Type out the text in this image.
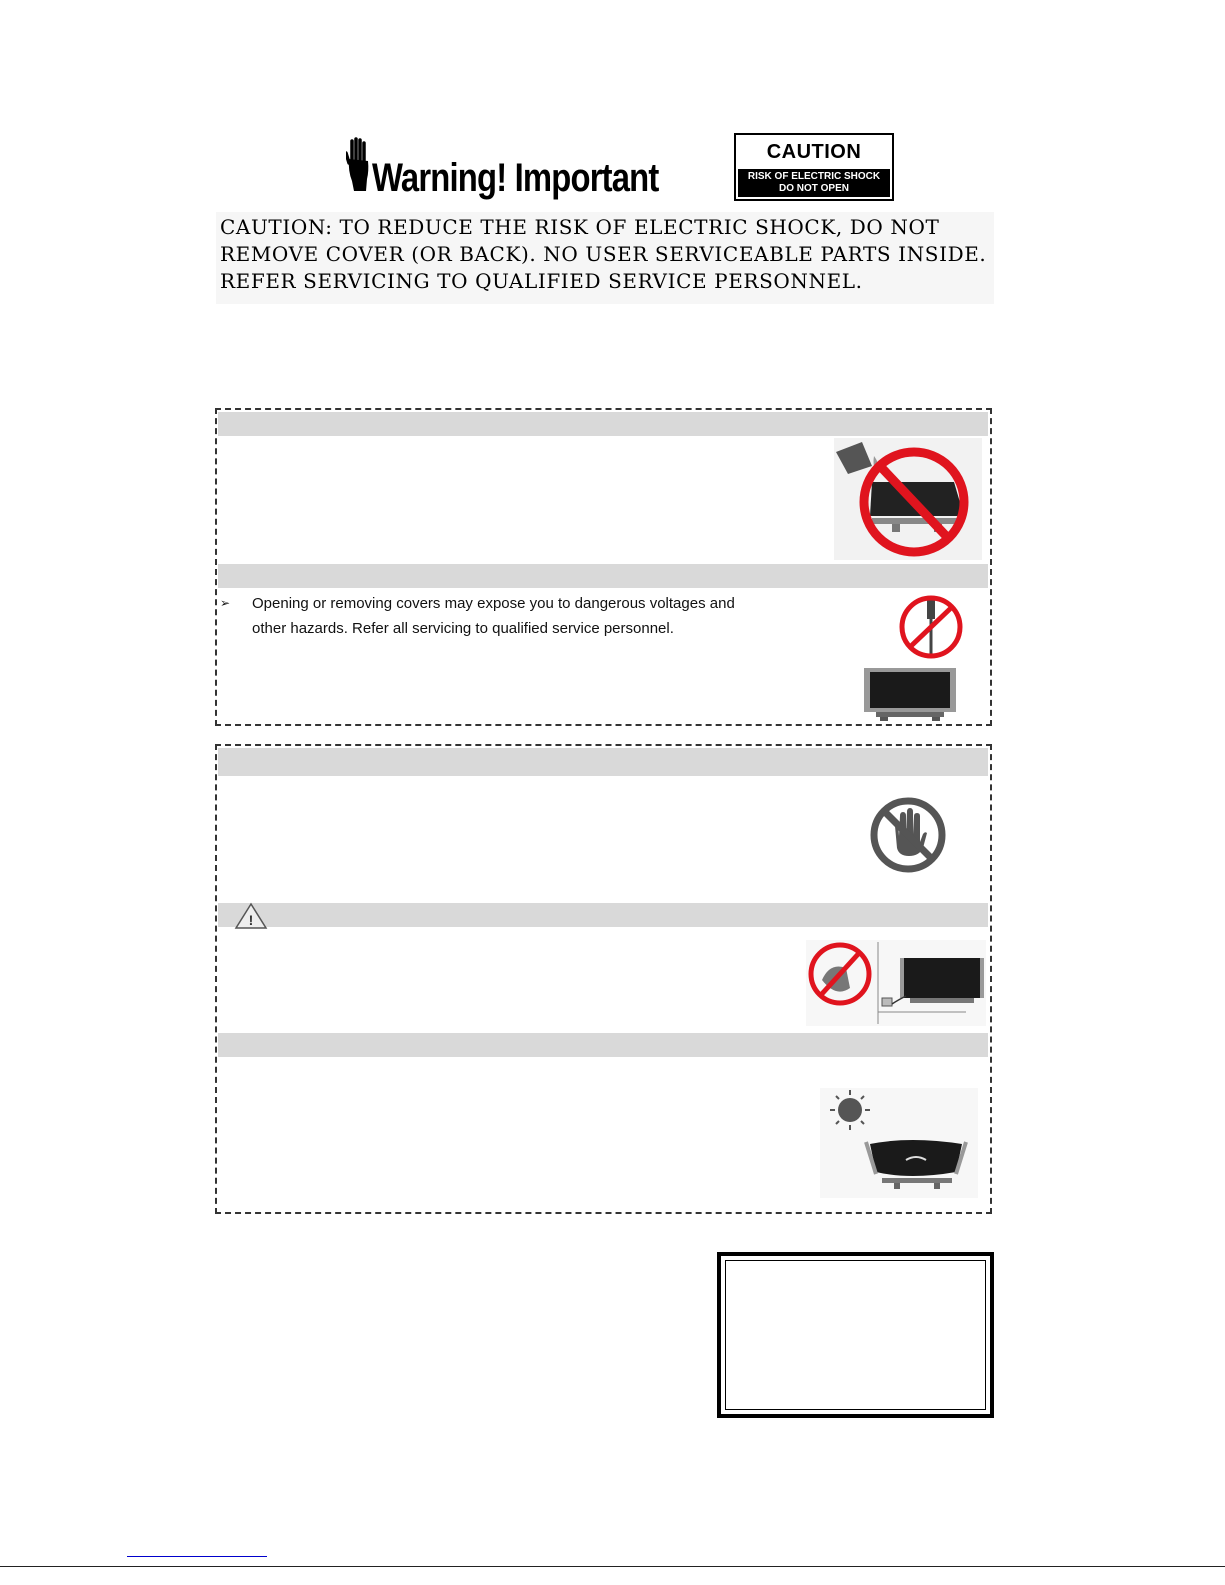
Warning! Important
CAUTION
RISK OF ELECTRIC SHOCK
DO NOT OPEN
CAUTION: TO REDUCE THE RISK OF ELECTRIC SHOCK, DO NOT
REMOVE COVER (OR BACK). NO USER SERVICEABLE PARTS INSIDE.
REFER SERVICING TO QUALIFIED SERVICE PERSONNEL.
➢ Opening or removing covers may expose you to dangerous voltages and
other hazards. Refer all servicing to qualified service personnel.
!
